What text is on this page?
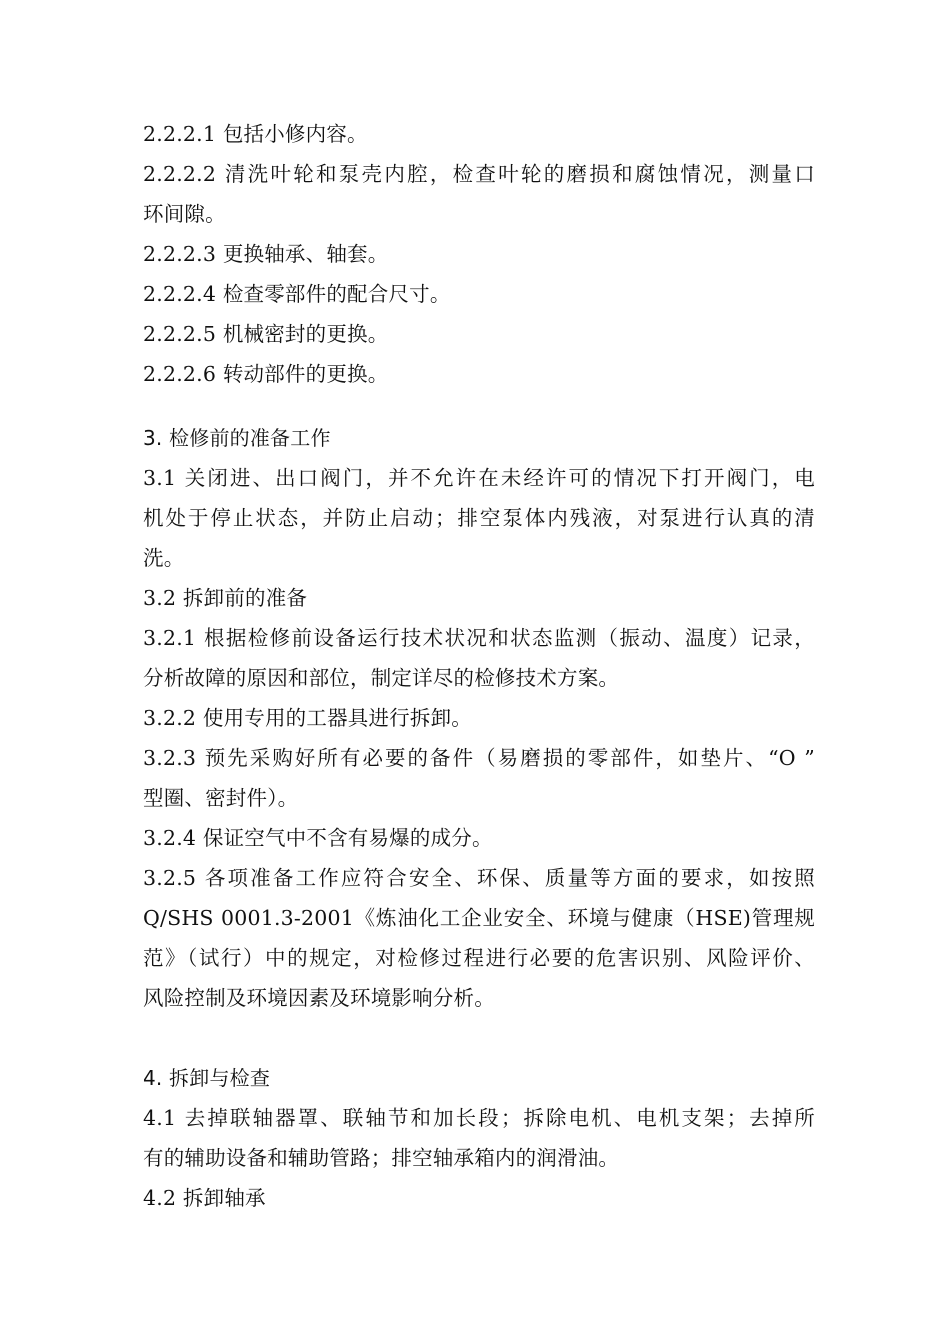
2.2.2.1 包括小修内容。
2.2.2.2 清洗叶轮和泵壳内腔，检查叶轮的磨损和腐蚀情况，测量口
环间隙。
2.2.2.3 更换轴承、轴套。
2.2.2.4 检查零部件的配合尺寸。
2.2.2.5 机械密封的更换。
2.2.2.6 转动部件的更换。
3. 检修前的准备工作
3.1 关闭进、出口阀门，并不允许在未经许可的情况下打开阀门，电
机处于停止状态，并防止启动；排空泵体内残液，对泵进行认真的清
洗。
3.2 拆卸前的准备
3.2.1 根据检修前设备运行技术状况和状态监测（振动、温度）记录，
分析故障的原因和部位，制定详尽的检修技术方案。
3.2.2 使用专用的工器具进行拆卸。
3.2.3 预先采购好所有必要的备件（易磨损的零部件，如垫片、“O ”
型圈、密封件）。
3.2.4 保证空气中不含有易爆的成分。
3.2.5 各项准备工作应符合安全、环保、质量等方面的要求，如按照
Q/SHS 0001.3-2001《炼油化工企业安全、环境与健康（HSE)管理规
范》（试行）中的规定，对检修过程进行必要的危害识别、风险评价、
风险控制及环境因素及环境影响分析。
4. 拆卸与检查
4.1 去掉联轴器罩、联轴节和加长段；拆除电机、电机支架；去掉所
有的辅助设备和辅助管路；排空轴承箱内的润滑油。
4.2 拆卸轴承
